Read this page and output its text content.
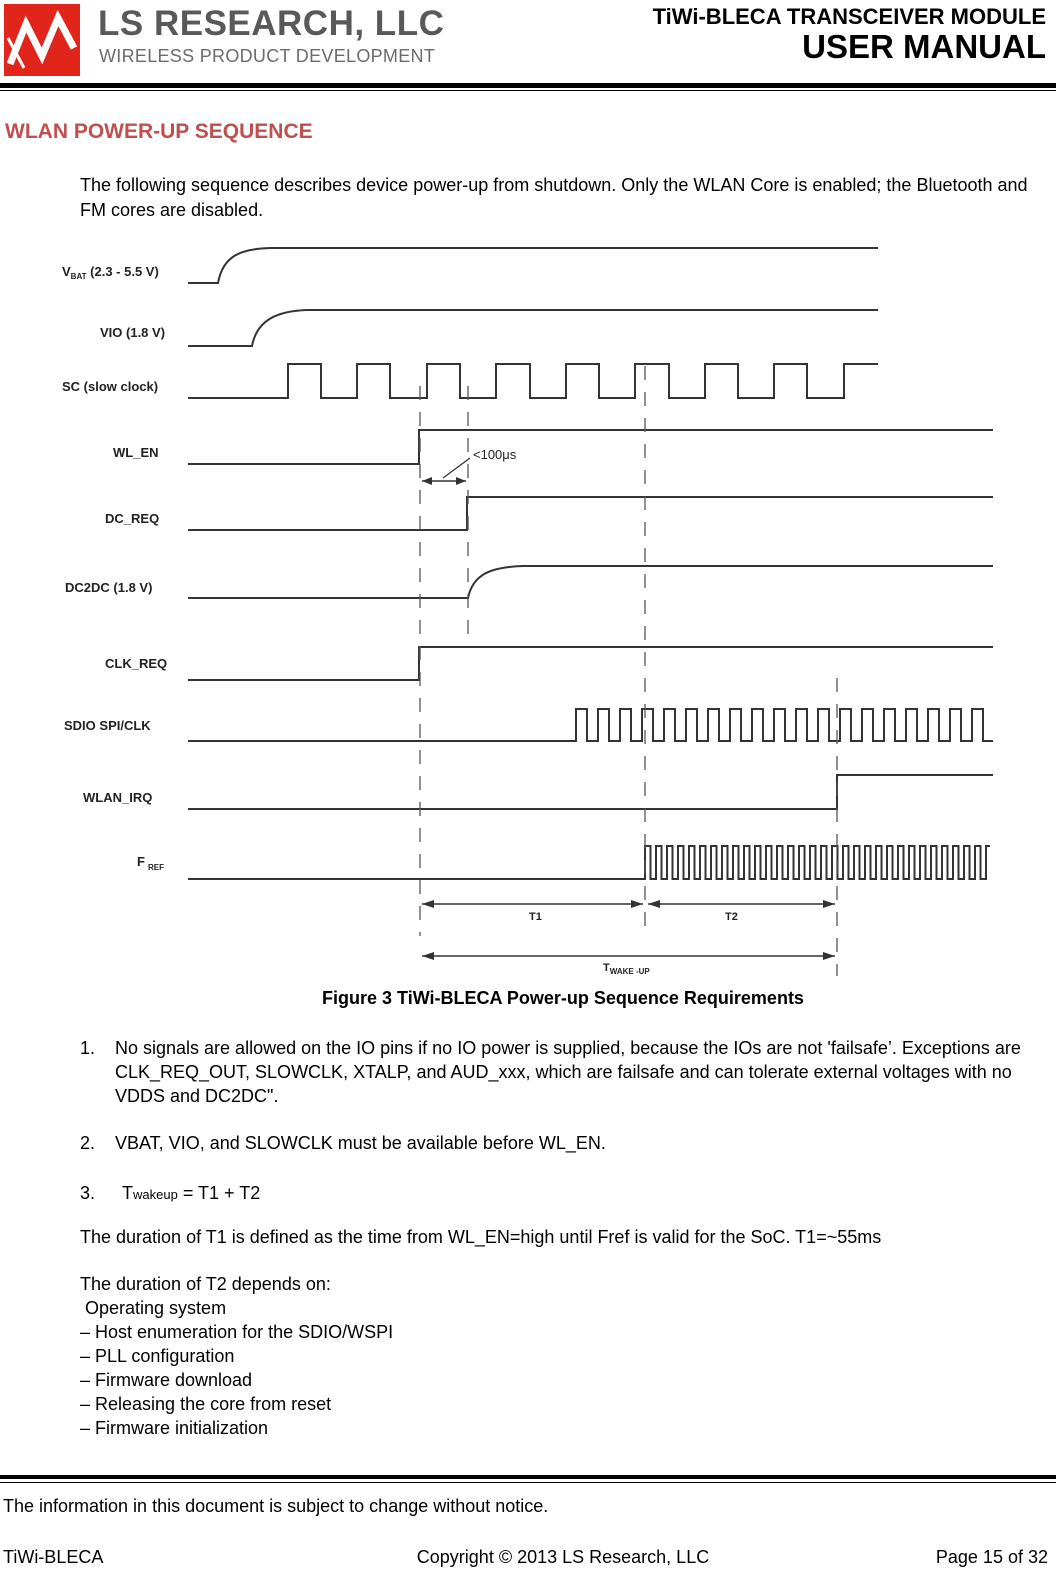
LS RESEARCH, LLC
WIRELESS PRODUCT DEVELOPMENT
TiWi-BLECA TRANSCEIVER MODULE
USER MANUAL
WLAN POWER-UP SEQUENCE
The following sequence describes device power-up from shutdown. Only the WLAN Core is enabled; the Bluetooth and FM cores are disabled.
$V_{BAT}$ (2.3 - 5.5 V)
VIO (1.8 V)
SC (slow clock)
WL_EN
DC_REQ
DC2DC (1.8 V)
CLK_REQ
SDIO SPI/CLK
WLAN_IRQ
F $_{REF}$
<100μs
T1	T2
$T_{WAKE -UP}$
Figure 3 TiWi-BLECA Power-up Sequence Requirements
1. No signals are allowed on the IO pins if no IO power is supplied, because the IOs are not 'failsafe’. Exceptions are CLK_REQ_OUT, SLOWCLK, XTALP, and AUD_xxx, which are failsafe and can tolerate external voltages with no VDDS and DC2DC".
2. VBAT, VIO, and SLOWCLK must be available before WL_EN.
3. Twakeup = T1 + T2
The duration of T1 is defined as the time from WL_EN=high until Fref is valid for the SoC. T1=~55ms
The duration of T2 depends on:
Operating system
– Host enumeration for the SDIO/WSPI
– PLL configuration
– Firmware download
– Releasing the core from reset
– Firmware initialization
The information in this document is subject to change without notice.
TiWi-BLECA	Copyright © 2013 LS Research, LLC	Page 15 of 32
